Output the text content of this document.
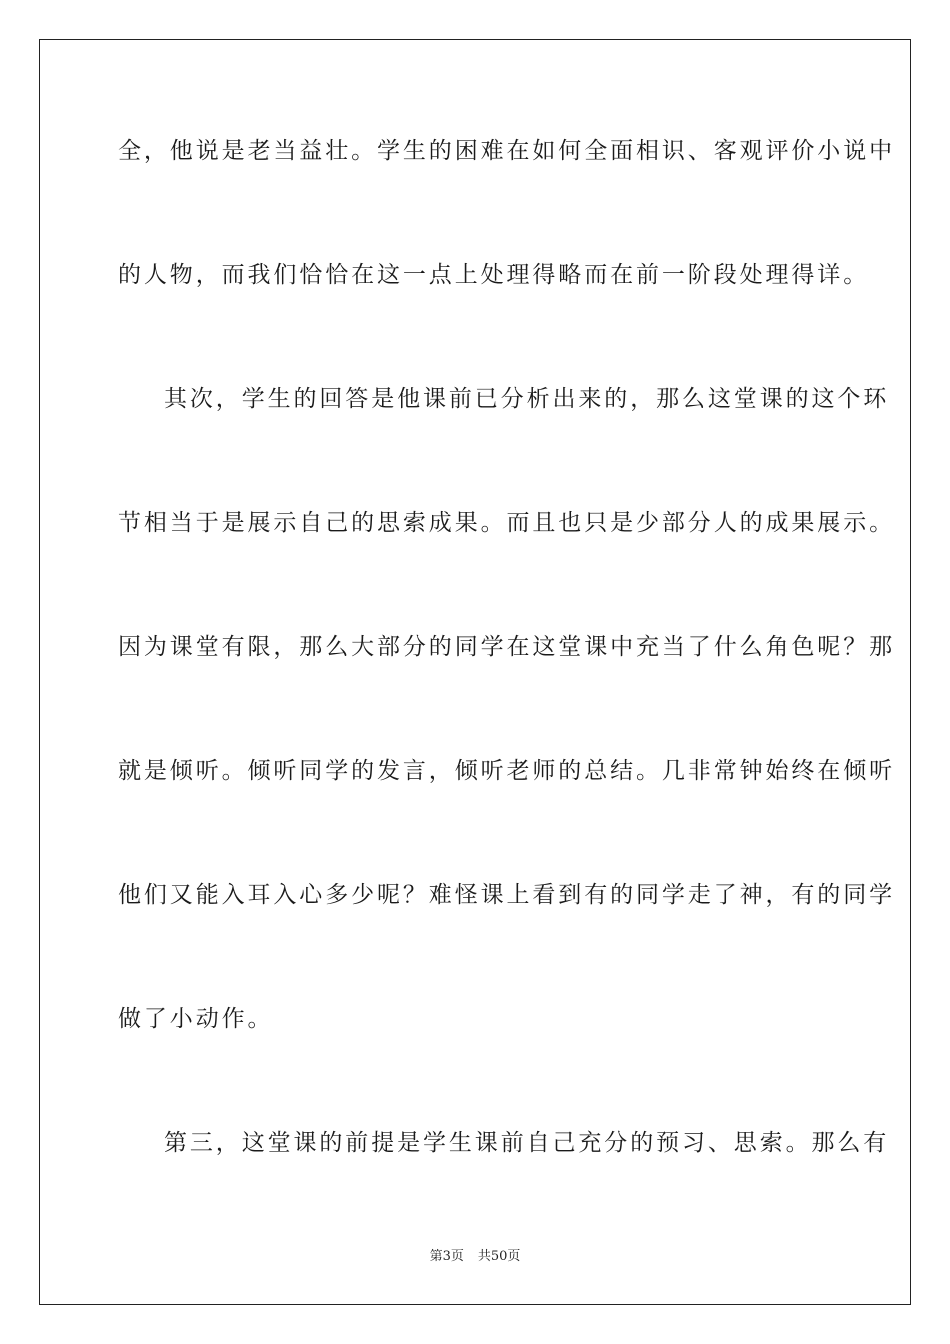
全，他说是老当益壮。学生的困难在如何全面相识、客观评价小说中
的人物，而我们恰恰在这一点上处理得略而在前一阶段处理得详。
其次，学生的回答是他课前已分析出来的，那么这堂课的这个环
节相当于是展示自己的思索成果。而且也只是少部分人的成果展示。
因为课堂有限，那么大部分的同学在这堂课中充当了什么角色呢？那
就是倾听。倾听同学的发言，倾听老师的总结。几非常钟始终在倾听
他们又能入耳入心多少呢？难怪课上看到有的同学走了神，有的同学
做了小动作。
第三，这堂课的前提是学生课前自己充分的预习、思索。那么有
第3页 共50页
